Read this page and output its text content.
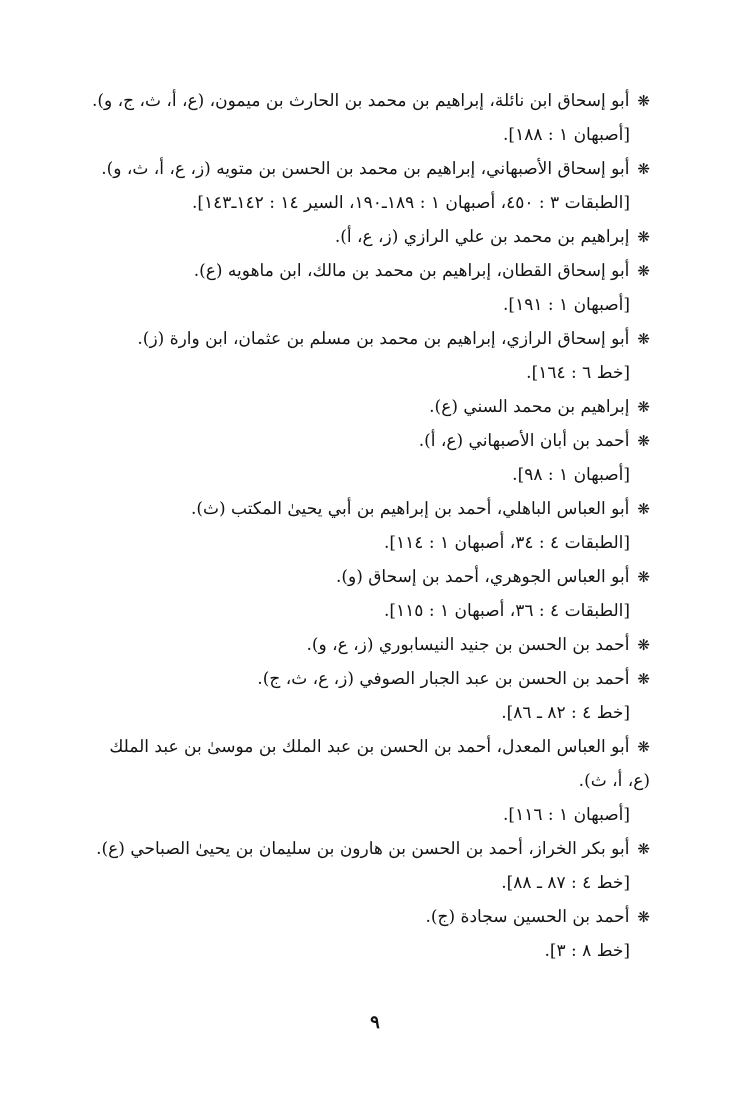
❋أبو إسحاق ابن نائلة، إبراهيم بن محمد بن الحارث بن ميمون، (ع، أ، ث، ج، و).
[أصبهان ١ : ١٨٨].
❋أبو إسحاق الأصبهاني، إبراهيم بن محمد بن الحسن بن متويه (ز، ع، أ، ث، و).
[الطبقات ٣ : ٤٥٠، أصبهان ١ : ١٨٩ـ١٩٠، السير ١٤ : ١٤٢ـ١٤٣].
❋إبراهيم بن محمد بن علي الرازي (ز، ع، أ).
❋أبو إسحاق القطان، إبراهيم بن محمد بن مالك، ابن ماهويه (ع).
[أصبهان ١ : ١٩١].
❋أبو إسحاق الرازي، إبراهيم بن محمد بن مسلم بن عثمان، ابن وارة (ز).
[خط ٦ : ١٦٤].
❋إبراهيم بن محمد السني (ع).
❋أحمد بن أبان الأصبهاني (ع، أ).
[أصبهان ١ : ٩٨].
❋أبو العباس الباهلي، أحمد بن إبراهيم بن أبي يحيىٰ المكتب (ث).
[الطبقات ٤ : ٣٤، أصبهان ١ : ١١٤].
❋أبو العباس الجوهري، أحمد بن إسحاق (و).
[الطبقات ٤ : ٣٦، أصبهان ١ : ١١٥].
❋أحمد بن الحسن بن جنيد النيسابوري (ز، ع، و).
❋أحمد بن الحسن بن عبد الجبار الصوفي (ز، ع، ث، ج).
[خط ٤ : ٨٢ ـ ٨٦].
❋أبو العباس المعدل، أحمد بن الحسن بن عبد الملك بن موسىٰ بن عبد الملك (ع، أ، ث).
[أصبهان ١ : ١١٦].
❋أبو بكر الخراز، أحمد بن الحسن بن هارون بن سليمان بن يحيىٰ الصباحي (ع).
[خط ٤ : ٨٧ ـ ٨٨].
❋أحمد بن الحسين سجادة (ج).
[خط ٨ : ٣].
٩
